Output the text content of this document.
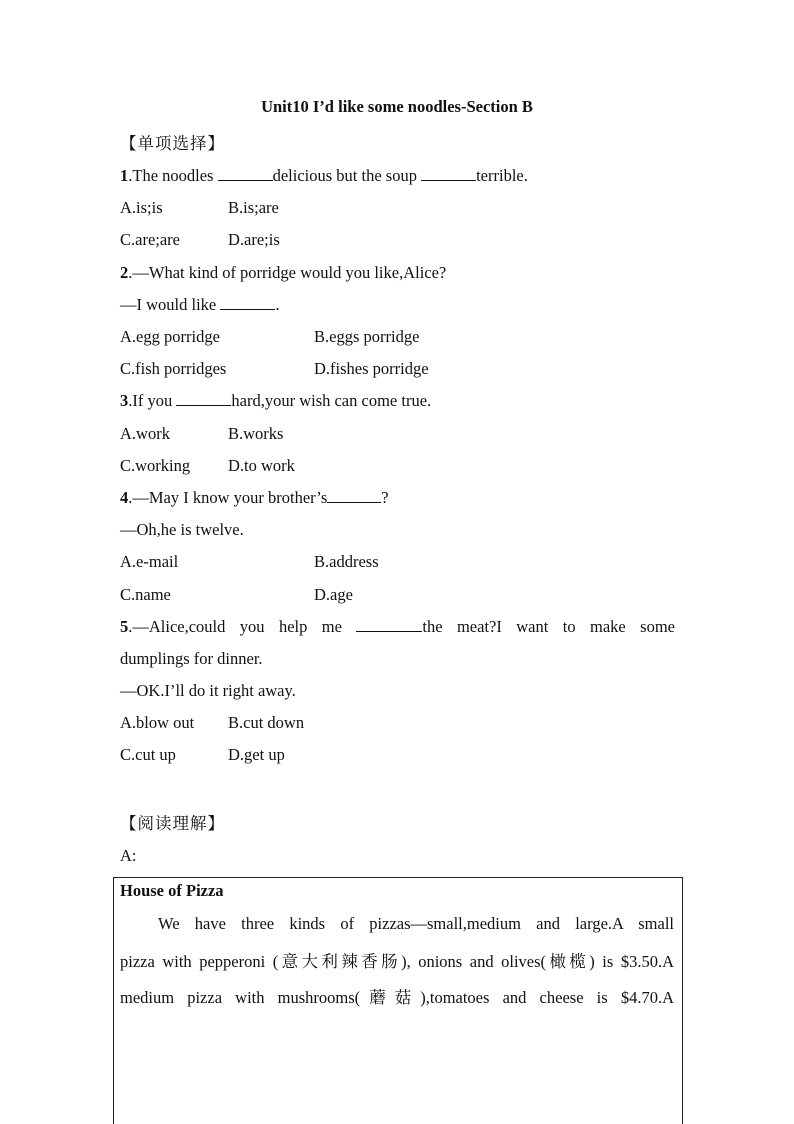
Unit10 I’d like some noodles-Section B
【单项选择】
1.The noodles	delicious but the soup	terrible.
A.is;is	B.is;are
C.are;are	D.are;is
2.—What kind of porridge would you like,Alice?
—I would like	.
A.egg porridge	B.eggs porridge
C.fish porridges	D.fishes porridge
3.If you	hard,your wish can come true.
A.work	B.works
C.working D.to work
4.—May I know your brother’s	?
—Oh,he is twelve.
A.e-mail	B.address
C.name	D.age
5.—Alice,could you help me	the meat?I want to make some
dumplings for dinner.
—OK.I’ll do it right away.
A.blow out B.cut down
C.cut up	D.get up
【阅读理解】
A:
House of Pizza
We have three kinds of pizzas—small,medium and large.A small
pizza with pepperoni (意大利辣香肠), onions and olives(橄榄) is $3.50.A
medium pizza with mushrooms(蘑菇),tomatoes and cheese is $4.70.A
